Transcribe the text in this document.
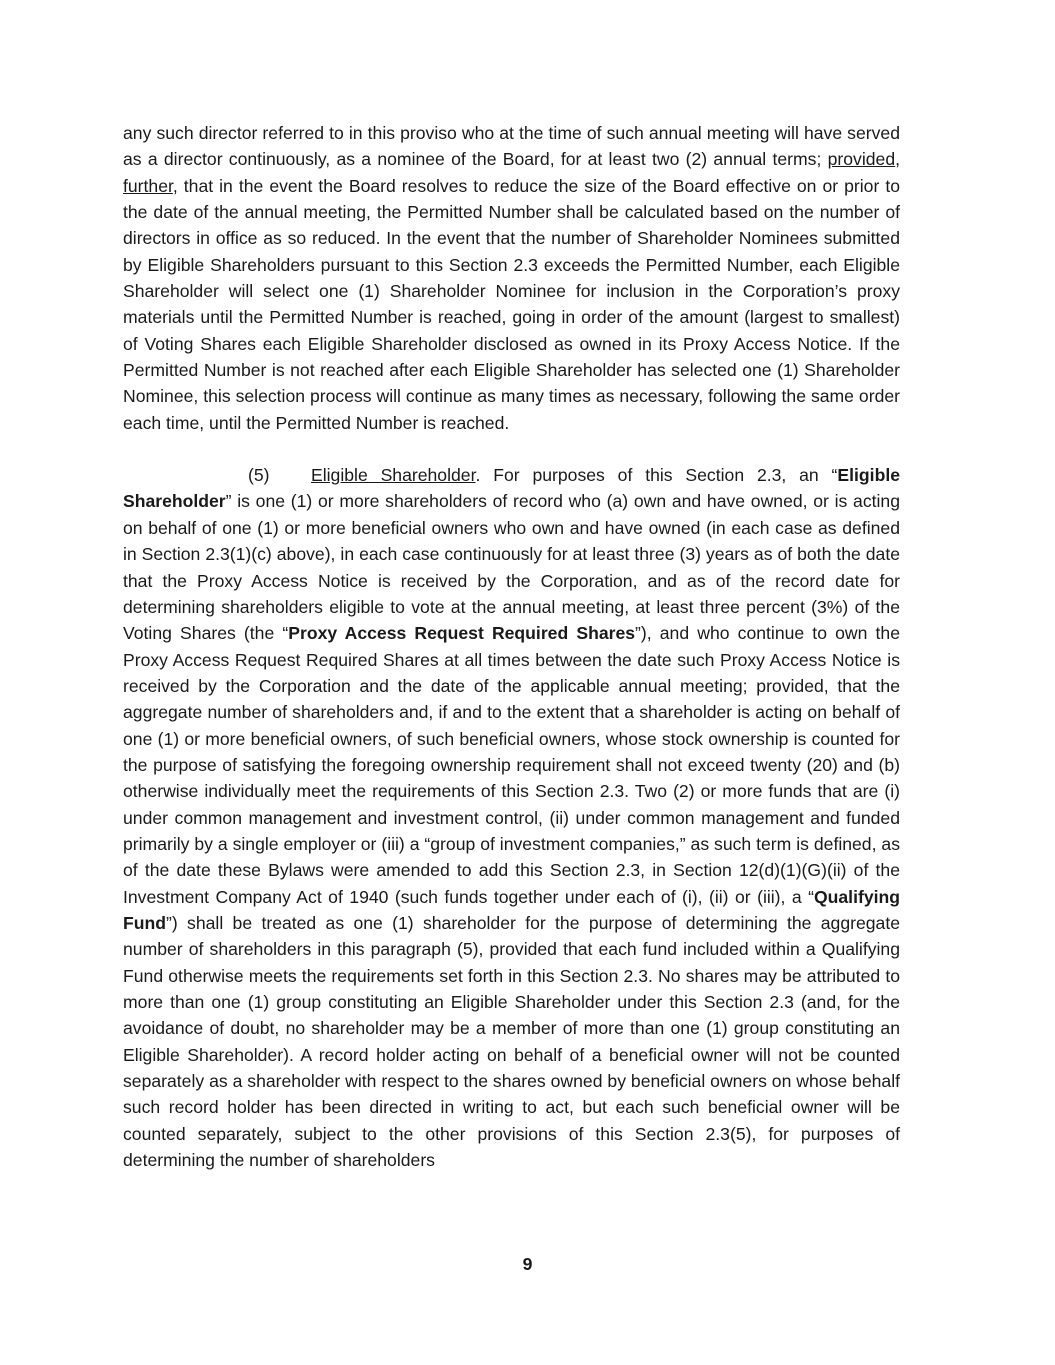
any such director referred to in this proviso who at the time of such annual meeting will have served as a director continuously, as a nominee of the Board, for at least two (2) annual terms; provided, further, that in the event the Board resolves to reduce the size of the Board effective on or prior to the date of the annual meeting, the Permitted Number shall be calculated based on the number of directors in office as so reduced. In the event that the number of Shareholder Nominees submitted by Eligible Shareholders pursuant to this Section 2.3 exceeds the Permitted Number, each Eligible Shareholder will select one (1) Shareholder Nominee for inclusion in the Corporation’s proxy materials until the Permitted Number is reached, going in order of the amount (largest to smallest) of Voting Shares each Eligible Shareholder disclosed as owned in its Proxy Access Notice. If the Permitted Number is not reached after each Eligible Shareholder has selected one (1) Shareholder Nominee, this selection process will continue as many times as necessary, following the same order each time, until the Permitted Number is reached.

(5) Eligible Shareholder. For purposes of this Section 2.3, an “Eligible Shareholder” is one (1) or more shareholders of record who (a) own and have owned, or is acting on behalf of one (1) or more beneficial owners who own and have owned (in each case as defined in Section 2.3(1)(c) above), in each case continuously for at least three (3) years as of both the date that the Proxy Access Notice is received by the Corporation, and as of the record date for determining shareholders eligible to vote at the annual meeting, at least three percent (3%) of the Voting Shares (the “Proxy Access Request Required Shares”), and who continue to own the Proxy Access Request Required Shares at all times between the date such Proxy Access Notice is received by the Corporation and the date of the applicable annual meeting; provided, that the aggregate number of shareholders and, if and to the extent that a shareholder is acting on behalf of one (1) or more beneficial owners, of such beneficial owners, whose stock ownership is counted for the purpose of satisfying the foregoing ownership requirement shall not exceed twenty (20) and (b) otherwise individually meet the requirements of this Section 2.3. Two (2) or more funds that are (i) under common management and investment control, (ii) under common management and funded primarily by a single employer or (iii) a “group of investment companies,” as such term is defined, as of the date these Bylaws were amended to add this Section 2.3, in Section 12(d)(1)(G)(ii) of the Investment Company Act of 1940 (such funds together under each of (i), (ii) or (iii), a “Qualifying Fund”) shall be treated as one (1) shareholder for the purpose of determining the aggregate number of shareholders in this paragraph (5), provided that each fund included within a Qualifying Fund otherwise meets the requirements set forth in this Section 2.3. No shares may be attributed to more than one (1) group constituting an Eligible Shareholder under this Section 2.3 (and, for the avoidance of doubt, no shareholder may be a member of more than one (1) group constituting an Eligible Shareholder). A record holder acting on behalf of a beneficial owner will not be counted separately as a shareholder with respect to the shares owned by beneficial owners on whose behalf such record holder has been directed in writing to act, but each such beneficial owner will be counted separately, subject to the other provisions of this Section 2.3(5), for purposes of determining the number of shareholders

9
